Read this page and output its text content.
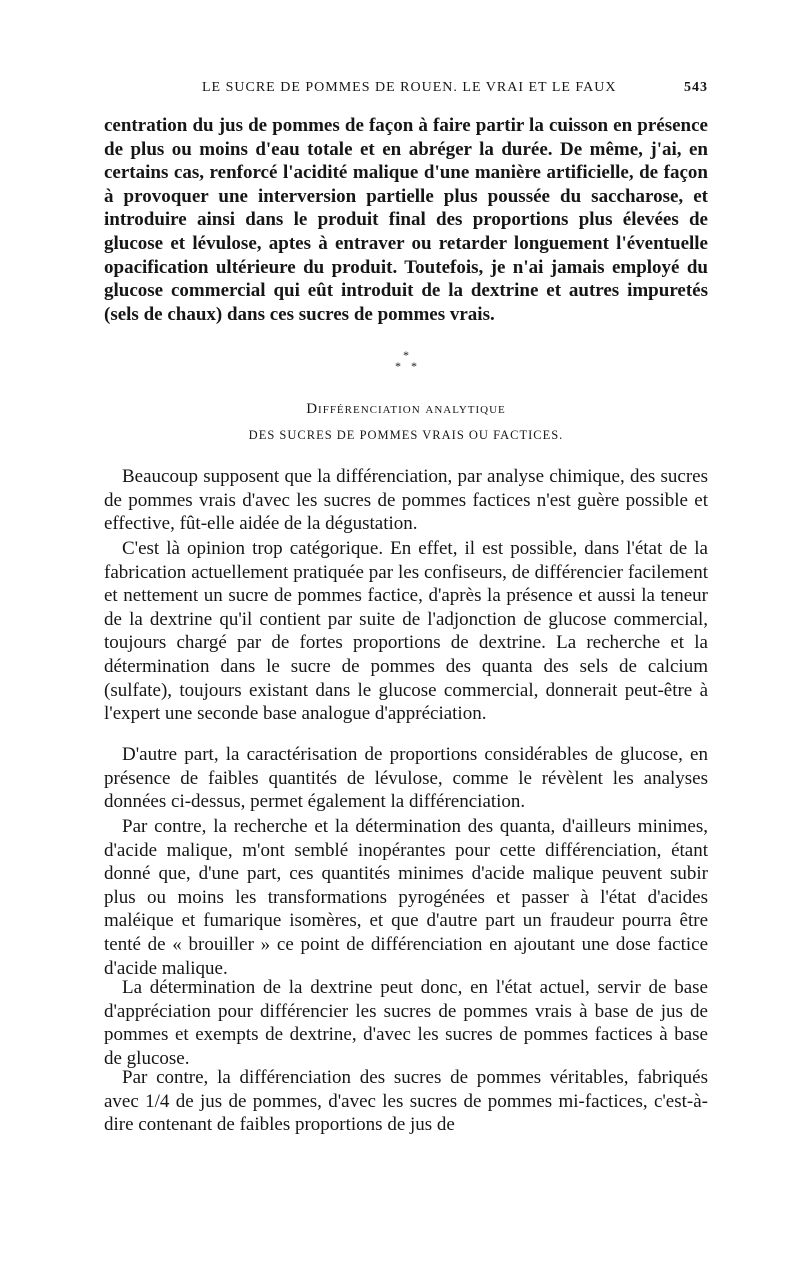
LE SUCRE DE POMMES DE ROUEN. LE VRAI ET LE FAUX	543

centration du jus de pommes de façon à faire partir la cuisson en présence de plus ou moins d'eau totale et en abréger la durée. De même, j'ai, en certains cas, renforcé l'acidité malique d'une manière artificielle, de façon à provoquer une interversion partielle plus poussée du saccharose, et introduire ainsi dans le produit final des proportions plus élevées de glucose et lévulose, aptes à entraver ou retarder longuement l'éventuelle opacification ultérieure du produit. Toutefois, je n'ai jamais employé du glucose commercial qui eût introduit de la dextrine et autres impuretés (sels de chaux) dans ces sucres de pommes vrais.

*
* *
Différenciation analytique
DES SUCRES DE POMMES VRAIS OU FACTICES.

Beaucoup supposent que la différenciation, par analyse chimique, des sucres de pommes vrais d'avec les sucres de pommes factices n'est guère possible et effective, fût-elle aidée de la dégustation.

C'est là opinion trop catégorique. En effet, il est possible, dans l'état de la fabrication actuellement pratiquée par les confiseurs, de différencier facilement et nettement un sucre de pommes factice, d'après la présence et aussi la teneur de la dextrine qu'il contient par suite de l'adjonction de glucose commercial, toujours chargé par de fortes proportions de dextrine. La recherche et la détermination dans le sucre de pommes des quanta des sels de calcium (sulfate), toujours existant dans le glucose commercial, donnerait peut-être à l'expert une seconde base analogue d'appréciation.

D'autre part, la caractérisation de proportions considérables de glucose, en présence de faibles quantités de lévulose, comme le révèlent les analyses données ci-dessus, permet également la différenciation.

Par contre, la recherche et la détermination des quanta, d'ailleurs minimes, d'acide malique, m'ont semblé inopérantes pour cette différenciation, étant donné que, d'une part, ces quantités minimes d'acide malique peuvent subir plus ou moins les transformations pyrogénées et passer à l'état d'acides maléique et fumarique isomères, et que d'autre part un fraudeur pourra être tenté de « brouiller » ce point de différenciation en ajoutant une dose factice d'acide malique.

La détermination de la dextrine peut donc, en l'état actuel, servir de base d'appréciation pour différencier les sucres de pommes vrais à base de jus de pommes et exempts de dextrine, d'avec les sucres de pommes factices à base de glucose.

Par contre, la différenciation des sucres de pommes véritables, fabriqués avec 1/4 de jus de pommes, d'avec les sucres de pommes mi-factices, c'est-à-dire contenant de faibles proportions de jus de
